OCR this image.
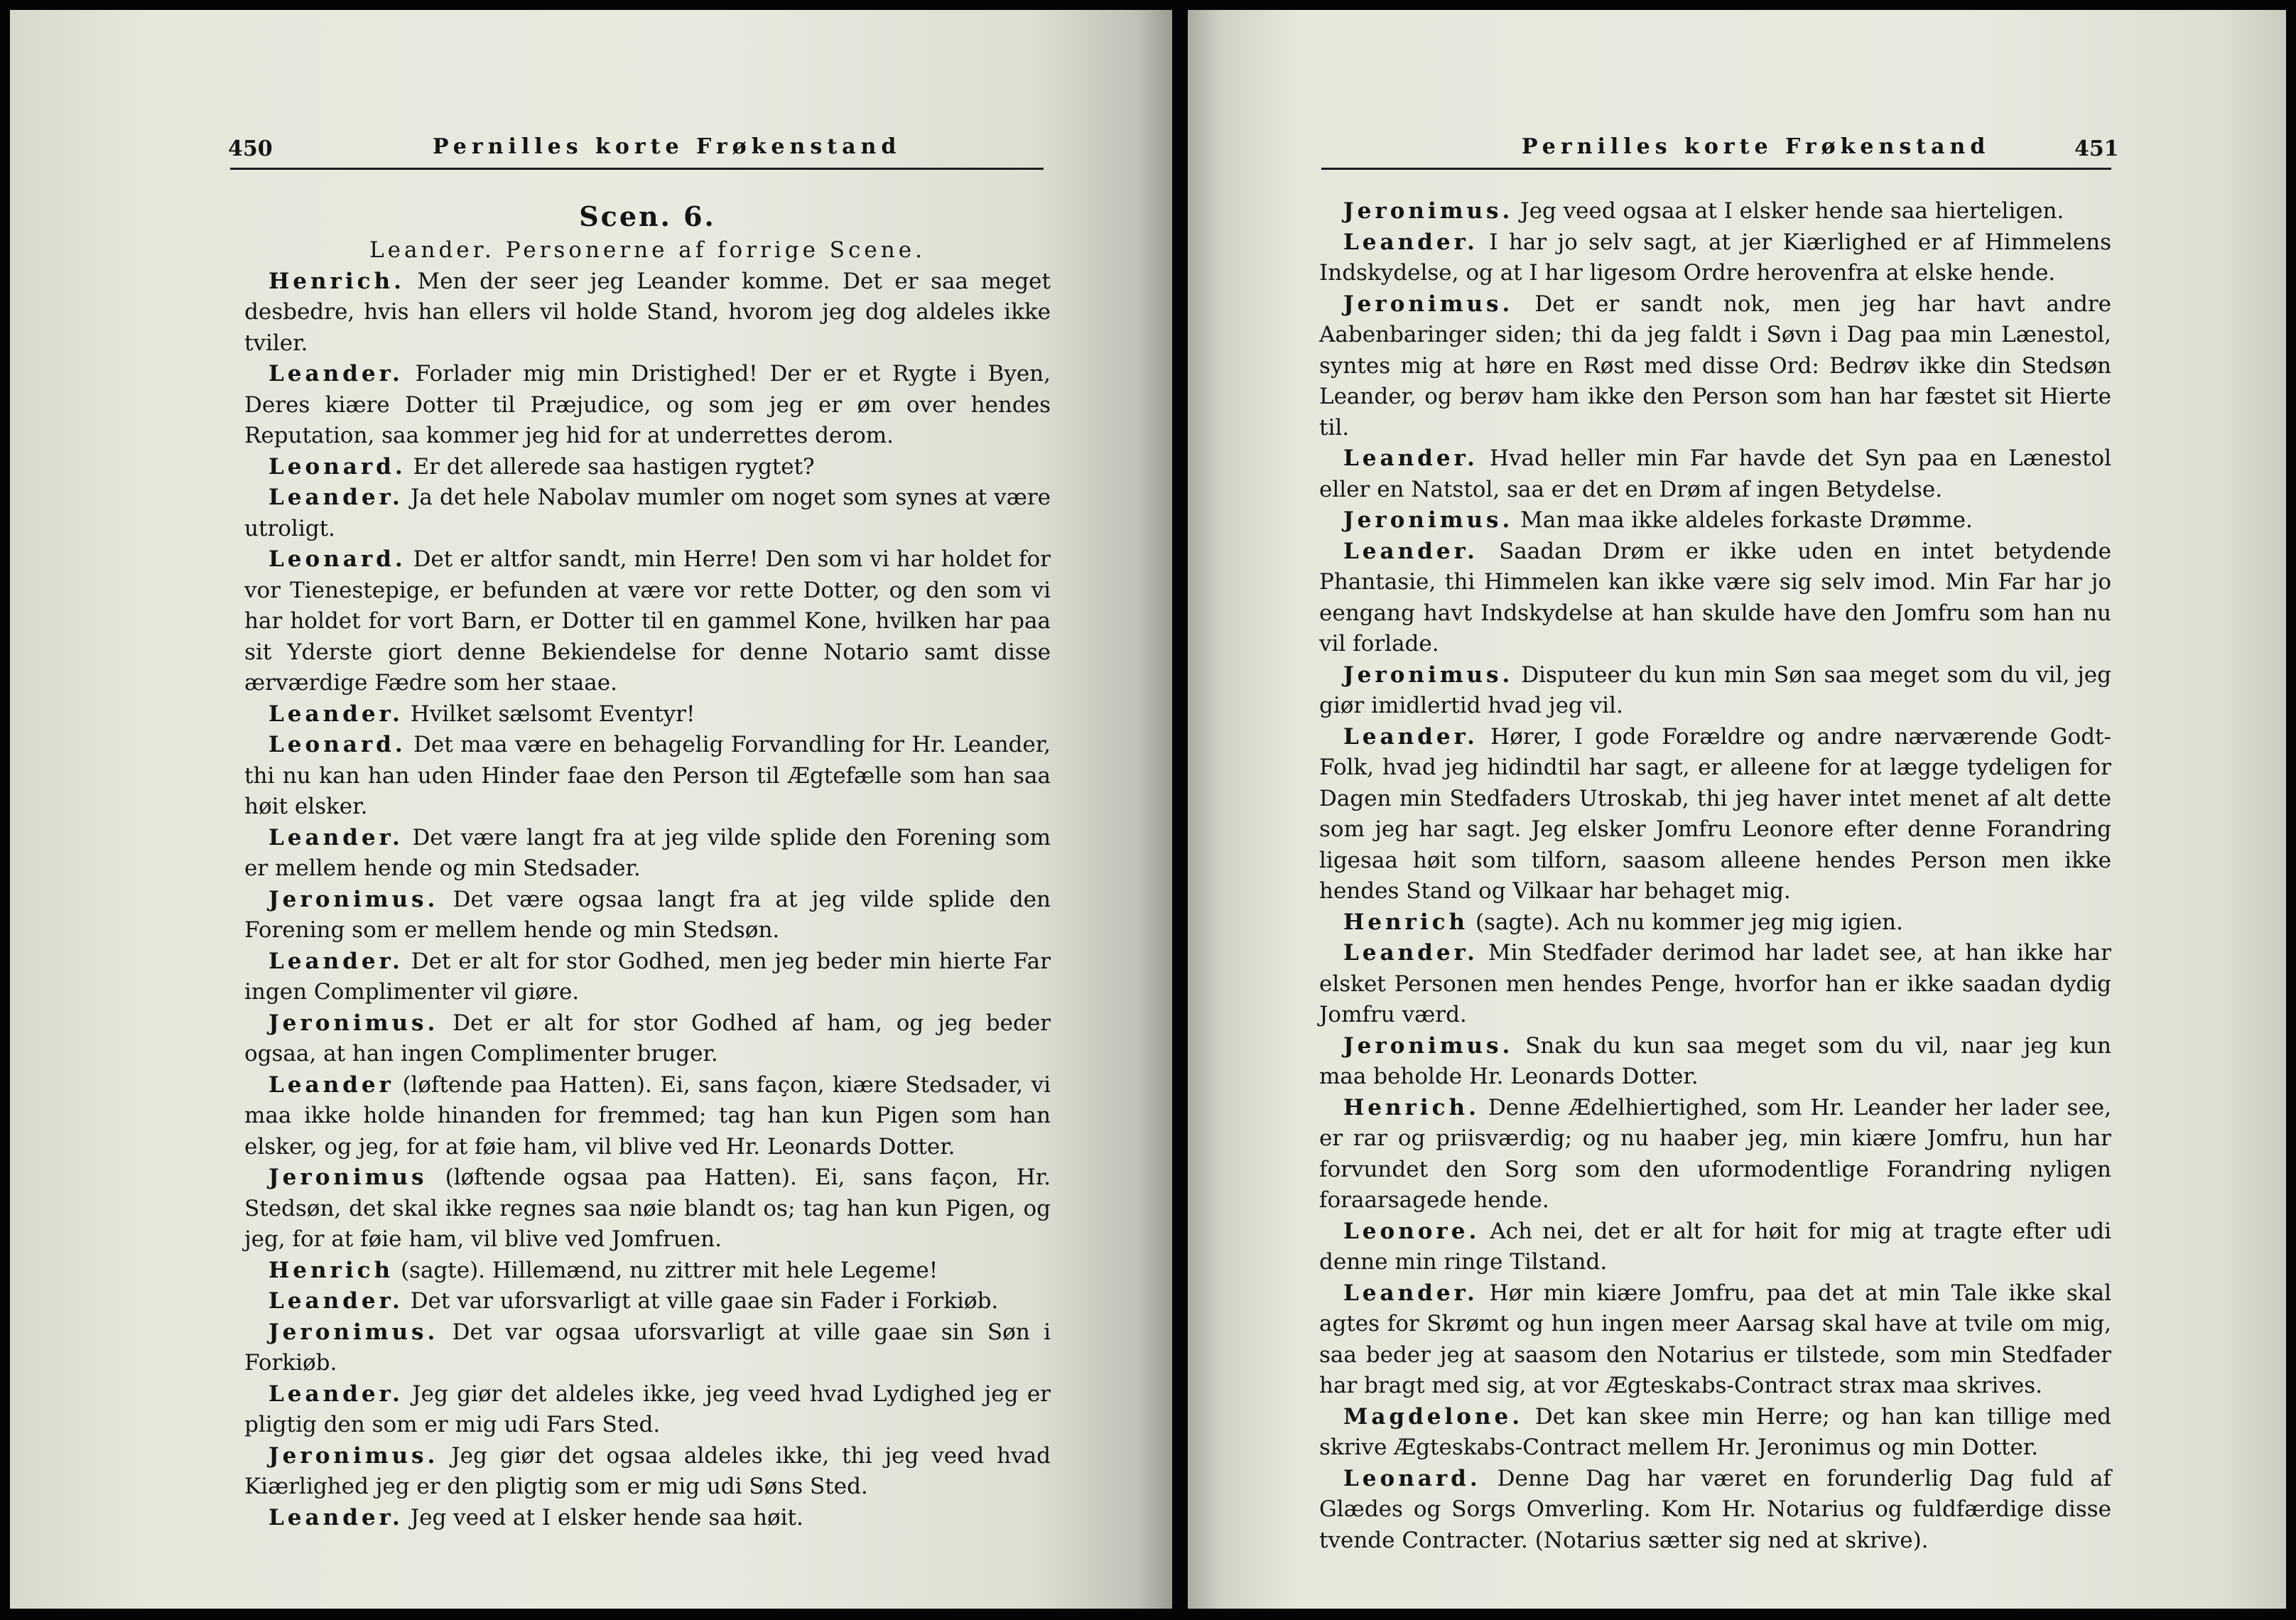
450	Pernilles korte Frøkenstand

Scen. 6.

Leander. Personerne af forrige Scene.

Henrich. Men der seer jeg Leander komme. Det er saa meget desbedre, hvis han ellers vil holde Stand, hvorom jeg dog aldeles ikke tviler.

Leander. Forlader mig min Dristighed! Der er et Rygte i Byen, Deres kiære Dotter til Præjudice, og som jeg er øm over hendes Reputation, saa kommer jeg hid for at underrettes derom.

Leonard. Er det allerede saa hastigen rygtet?

Leander. Ja det hele Nabolav mumler om noget som synes at være utroligt.

Leonard. Det er altfor sandt, min Herre! Den som vi har holdet for vor Tienestepige, er befunden at være vor rette Dotter, og den som vi har holdet for vort Barn, er Dotter til en gammel Kone, hvilken har paa sit Yderste giort denne Bekiendelse for denne Notario samt disse ærværdige Fædre som her staae.

Leander. Hvilket sælsomt Eventyr!

Leonard. Det maa være en behagelig Forvandling for Hr. Leander, thi nu kan han uden Hinder faae den Person til Ægtefælle som han saa høit elsker.

Leander. Det være langt fra at jeg vilde splide den Forening som er mellem hende og min Stedsader.

Jeronimus. Det være ogsaa langt fra at jeg vilde splide den Forening som er mellem hende og min Stedsøn.

Leander. Det er alt for stor Godhed, men jeg beder min hierte Far ingen Complimenter vil giøre.

Jeronimus. Det er alt for stor Godhed af ham, og jeg beder ogsaa, at han ingen Complimenter bruger.

Leander (løftende paa Hatten). Ei, sans façon, kiære Stedsader, vi maa ikke holde hinanden for fremmed; tag han kun Pigen som han elsker, og jeg, for at føie ham, vil blive ved Hr. Leonards Dotter.

Jeronimus (løftende ogsaa paa Hatten). Ei, sans façon, Hr. Stedsøn, det skal ikke regnes saa nøie blandt os; tag han kun Pigen, og jeg, for at føie ham, vil blive ved Jomfruen.

Henrich (sagte). Hillemænd, nu zittrer mit hele Legeme!

Leander. Det var uforsvarligt at ville gaae sin Fader i Forkiøb.

Jeronimus. Det var ogsaa uforsvarligt at ville gaae sin Søn i Forkiøb.

Leander. Jeg giør det aldeles ikke, jeg veed hvad Lydighed jeg er pligtig den som er mig udi Fars Sted.

Jeronimus. Jeg giør det ogsaa aldeles ikke, thi jeg veed hvad Kiærlighed jeg er den pligtig som er mig udi Søns Sted.

Leander. Jeg veed at I elsker hende saa høit.

Pernilles korte Frøkenstand	451

Jeronimus. Jeg veed ogsaa at I elsker hende saa hierteligen.

Leander. I har jo selv sagt, at jer Kiærlighed er af Himmelens Indskydelse, og at I har ligesom Ordre herovenfra at elske hende.

Jeronimus. Det er sandt nok, men jeg har havt andre Aabenbaringer siden; thi da jeg faldt i Søvn i Dag paa min Lænestol, syntes mig at høre en Røst med disse Ord: Bedrøv ikke din Stedsøn Leander, og berøv ham ikke den Person som han har fæstet sit Hierte til.

Leander. Hvad heller min Far havde det Syn paa en Lænestol eller en Natstol, saa er det en Drøm af ingen Betydelse.

Jeronimus. Man maa ikke aldeles forkaste Drømme.

Leander. Saadan Drøm er ikke uden en intet betydende Phantasie, thi Himmelen kan ikke være sig selv imod. Min Far har jo eengang havt Indskydelse at han skulde have den Jomfru som han nu vil forlade.

Jeronimus. Disputeer du kun min Søn saa meget som du vil, jeg giør imidlertid hvad jeg vil.

Leander. Hører, I gode Forældre og andre nærværende Godt-Folk, hvad jeg hidindtil har sagt, er alleene for at lægge tydeligen for Dagen min Stedfaders Utroskab, thi jeg haver intet menet af alt dette som jeg har sagt. Jeg elsker Jomfru Leonore efter denne Forandring ligesaa høit som tilforn, saasom alleene hendes Person men ikke hendes Stand og Vilkaar har behaget mig.

Henrich (sagte). Ach nu kommer jeg mig igien.

Leander. Min Stedfader derimod har ladet see, at han ikke har elsket Personen men hendes Penge, hvorfor han er ikke saadan dydig Jomfru værd.

Jeronimus. Snak du kun saa meget som du vil, naar jeg kun maa beholde Hr. Leonards Dotter.

Henrich. Denne Ædelhiertighed, som Hr. Leander her lader see, er rar og priisværdig; og nu haaber jeg, min kiære Jomfru, hun har forvundet den Sorg som den uformodentlige Forandring nyligen foraarsagede hende.

Leonore. Ach nei, det er alt for høit for mig at tragte efter udi denne min ringe Tilstand.

Leander. Hør min kiære Jomfru, paa det at min Tale ikke skal agtes for Skrømt og hun ingen meer Aarsag skal have at tvile om mig, saa beder jeg at saasom den Notarius er tilstede, som min Stedfader har bragt med sig, at vor Ægteskabs-Contract strax maa skrives.

Magdelone. Det kan skee min Herre; og han kan tillige med skrive Ægteskabs-Contract mellem Hr. Jeronimus og min Dotter.

Leonard. Denne Dag har været en forunderlig Dag fuld af Glædes og Sorgs Omverling. Kom Hr. Notarius og fuldfærdige disse tvende Contracter. (Notarius sætter sig ned at skrive).
